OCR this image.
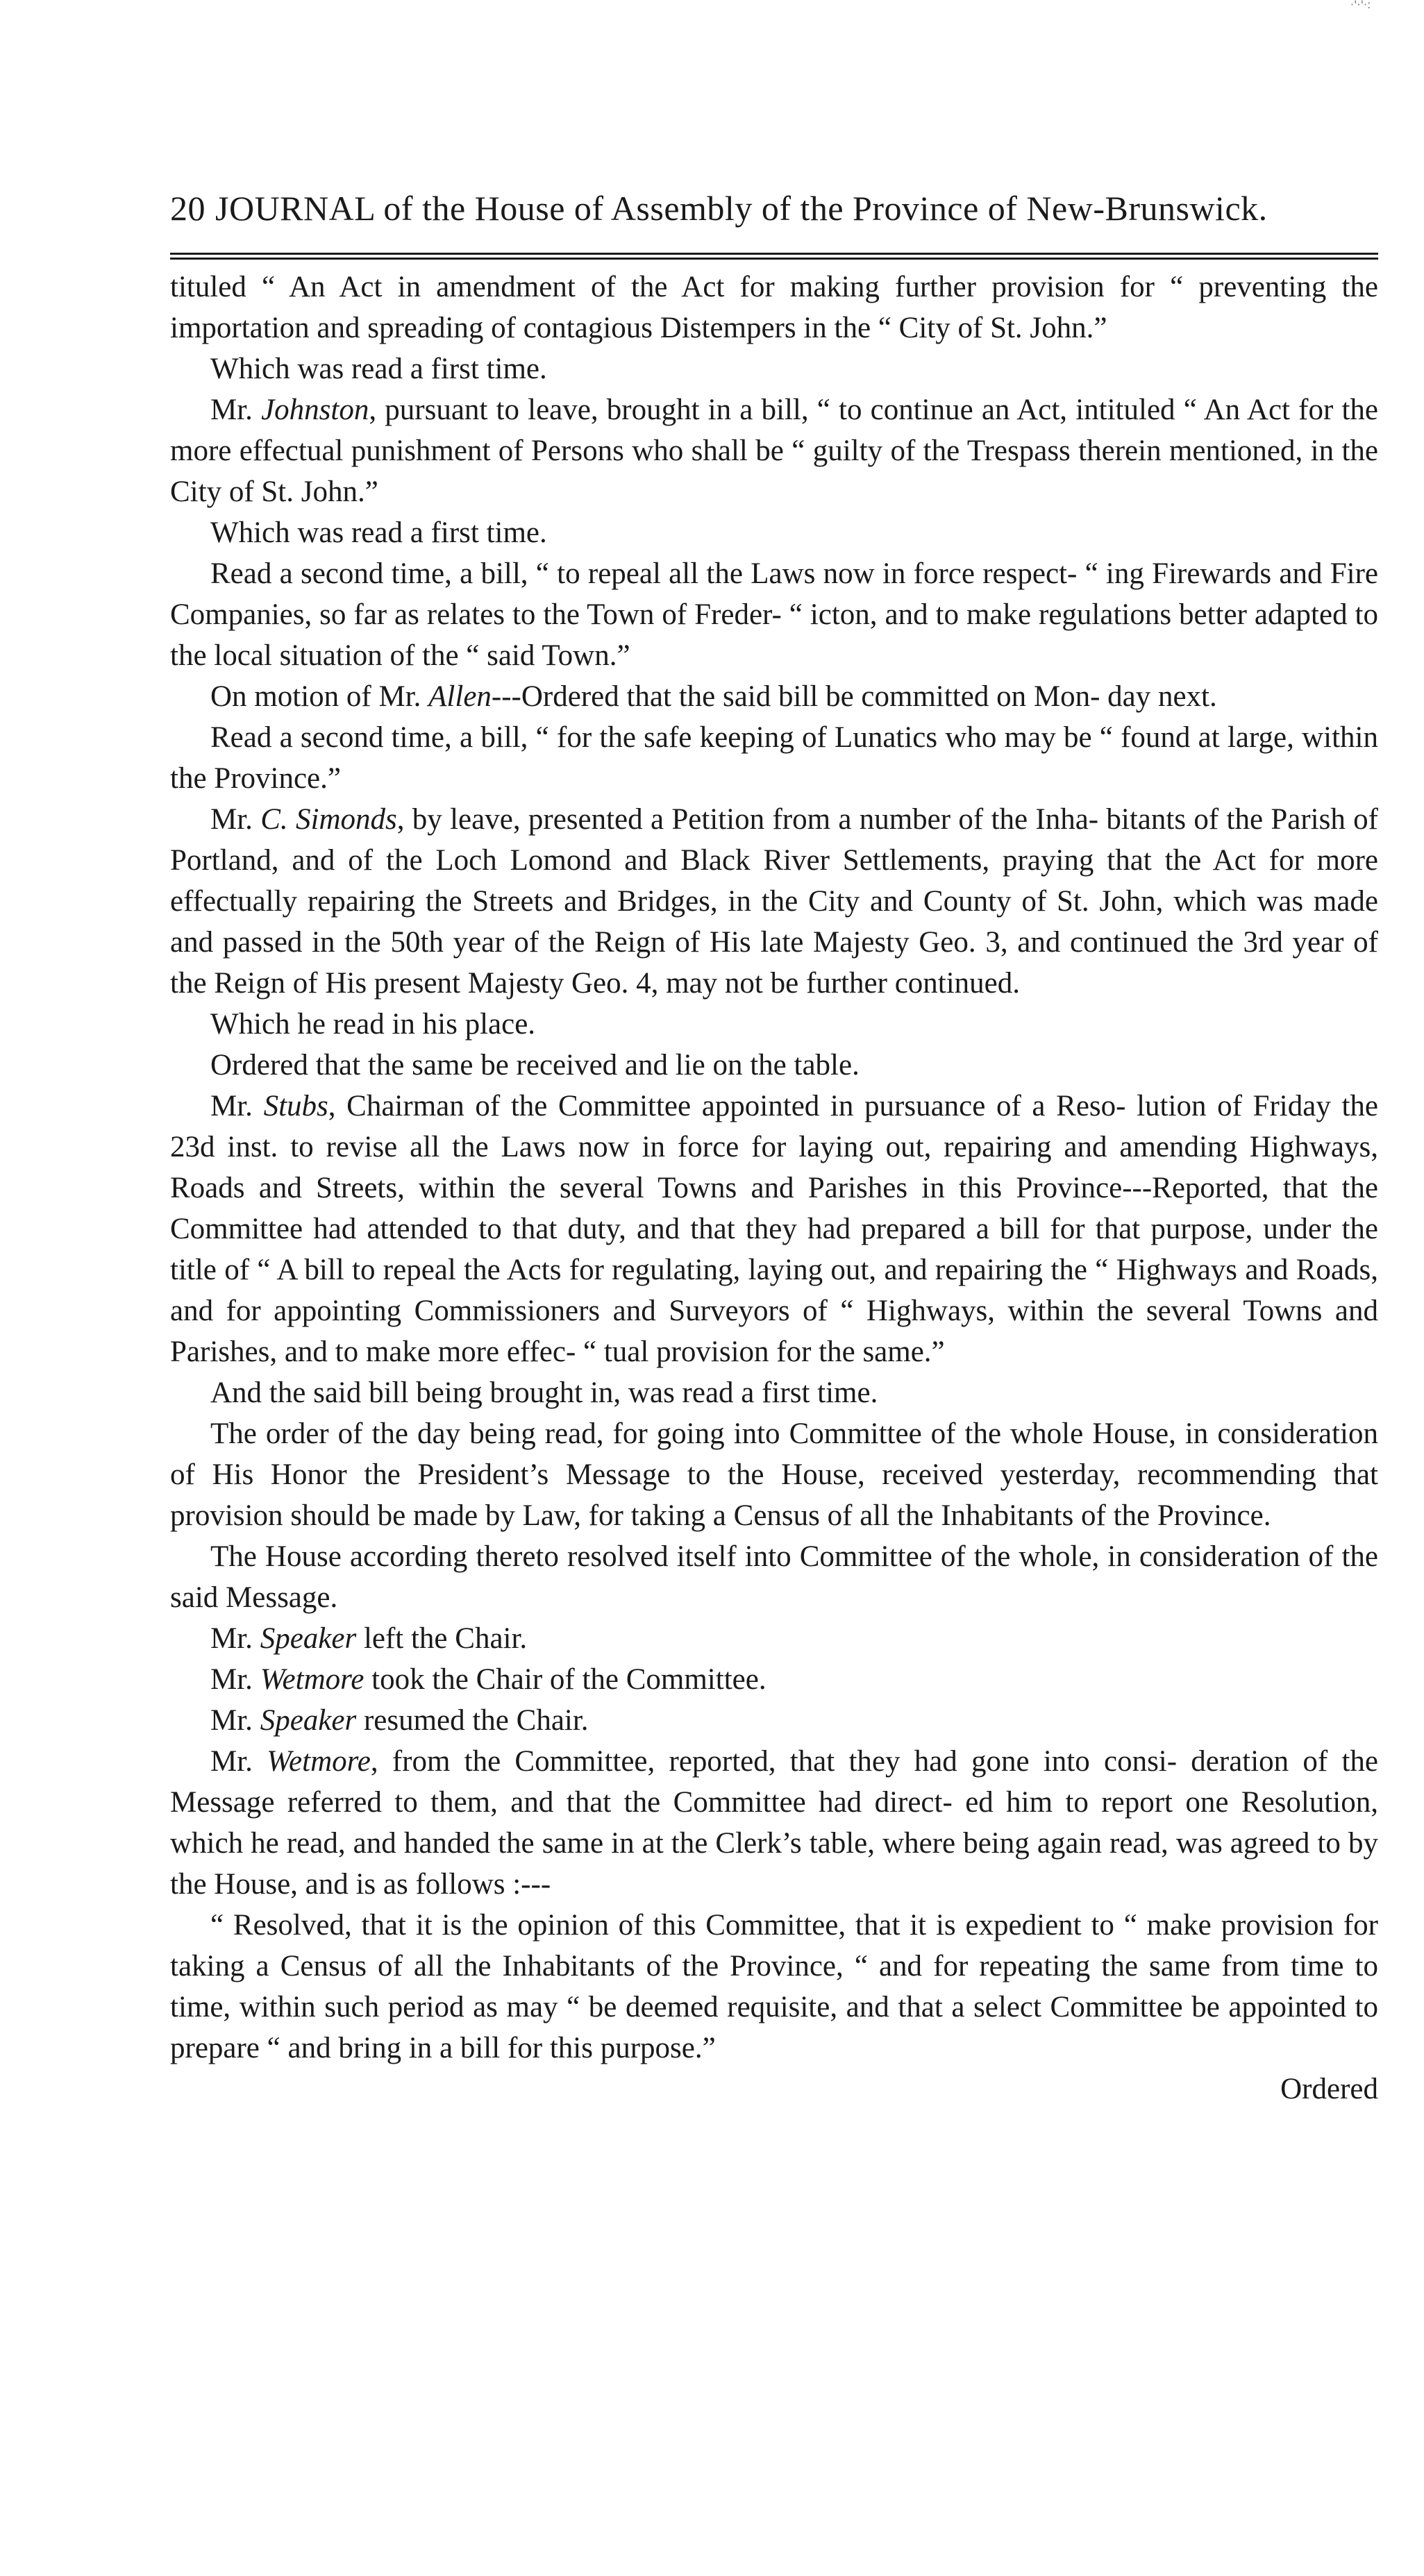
·'·'·:
20 JOURNAL of the House of Assembly of the Province of New-Brunswick.

tituled “ An Act in amendment of the Act for making further provision for “ preventing the importation and spreading of contagious Distempers in the “ City of St. John.”

Which was read a first time.

Mr. Johnston, pursuant to leave, brought in a bill, “ to continue an Act, intituled “ An Act for the more effectual punishment of Persons who shall be “ guilty of the Trespass therein mentioned, in the City of St. John.”

Which was read a first time.

Read a second time, a bill, “ to repeal all the Laws now in force respect- “ ing Firewards and Fire Companies, so far as relates to the Town of Freder- “ icton, and to make regulations better adapted to the local situation of the “ said Town.”

On motion of Mr. Allen---Ordered that the said bill be committed on Mon- day next.

Read a second time, a bill, “ for the safe keeping of Lunatics who may be “ found at large, within the Province.”

Mr. C. Simonds, by leave, presented a Petition from a number of the Inha- bitants of the Parish of Portland, and of the Loch Lomond and Black River Settlements, praying that the Act for more effectually repairing the Streets and Bridges, in the City and County of St. John, which was made and passed in the 50th year of the Reign of His late Majesty Geo. 3, and continued the 3rd year of the Reign of His present Majesty Geo. 4, may not be further continued.

Which he read in his place.

Ordered that the same be received and lie on the table.

Mr. Stubs, Chairman of the Committee appointed in pursuance of a Reso- lution of Friday the 23d inst. to revise all the Laws now in force for laying out, repairing and amending Highways, Roads and Streets, within the several Towns and Parishes in this Province---Reported, that the Committee had attended to that duty, and that they had prepared a bill for that purpose, under the title of “ A bill to repeal the Acts for regulating, laying out, and repairing the “ Highways and Roads, and for appointing Commissioners and Surveyors of “ Highways, within the several Towns and Parishes, and to make more effec- “ tual provision for the same.”

And the said bill being brought in, was read a first time.

The order of the day being read, for going into Committee of the whole House, in consideration of His Honor the President’s Message to the House, received yesterday, recommending that provision should be made by Law, for taking a Census of all the Inhabitants of the Province.

The House according thereto resolved itself into Committee of the whole, in consideration of the said Message.

Mr. Speaker left the Chair.

Mr. Wetmore took the Chair of the Committee.

Mr. Speaker resumed the Chair.

Mr. Wetmore, from the Committee, reported, that they had gone into consi- deration of the Message referred to them, and that the Committee had direct- ed him to report one Resolution, which he read, and handed the same in at the Clerk’s table, where being again read, was agreed to by the House, and is as follows :---

“ Resolved, that it is the opinion of this Committee, that it is expedient to “ make provision for taking a Census of all the Inhabitants of the Province, “ and for repeating the same from time to time, within such period as may “ be deemed requisite, and that a select Committee be appointed to prepare “ and bring in a bill for this purpose.”
Ordered
